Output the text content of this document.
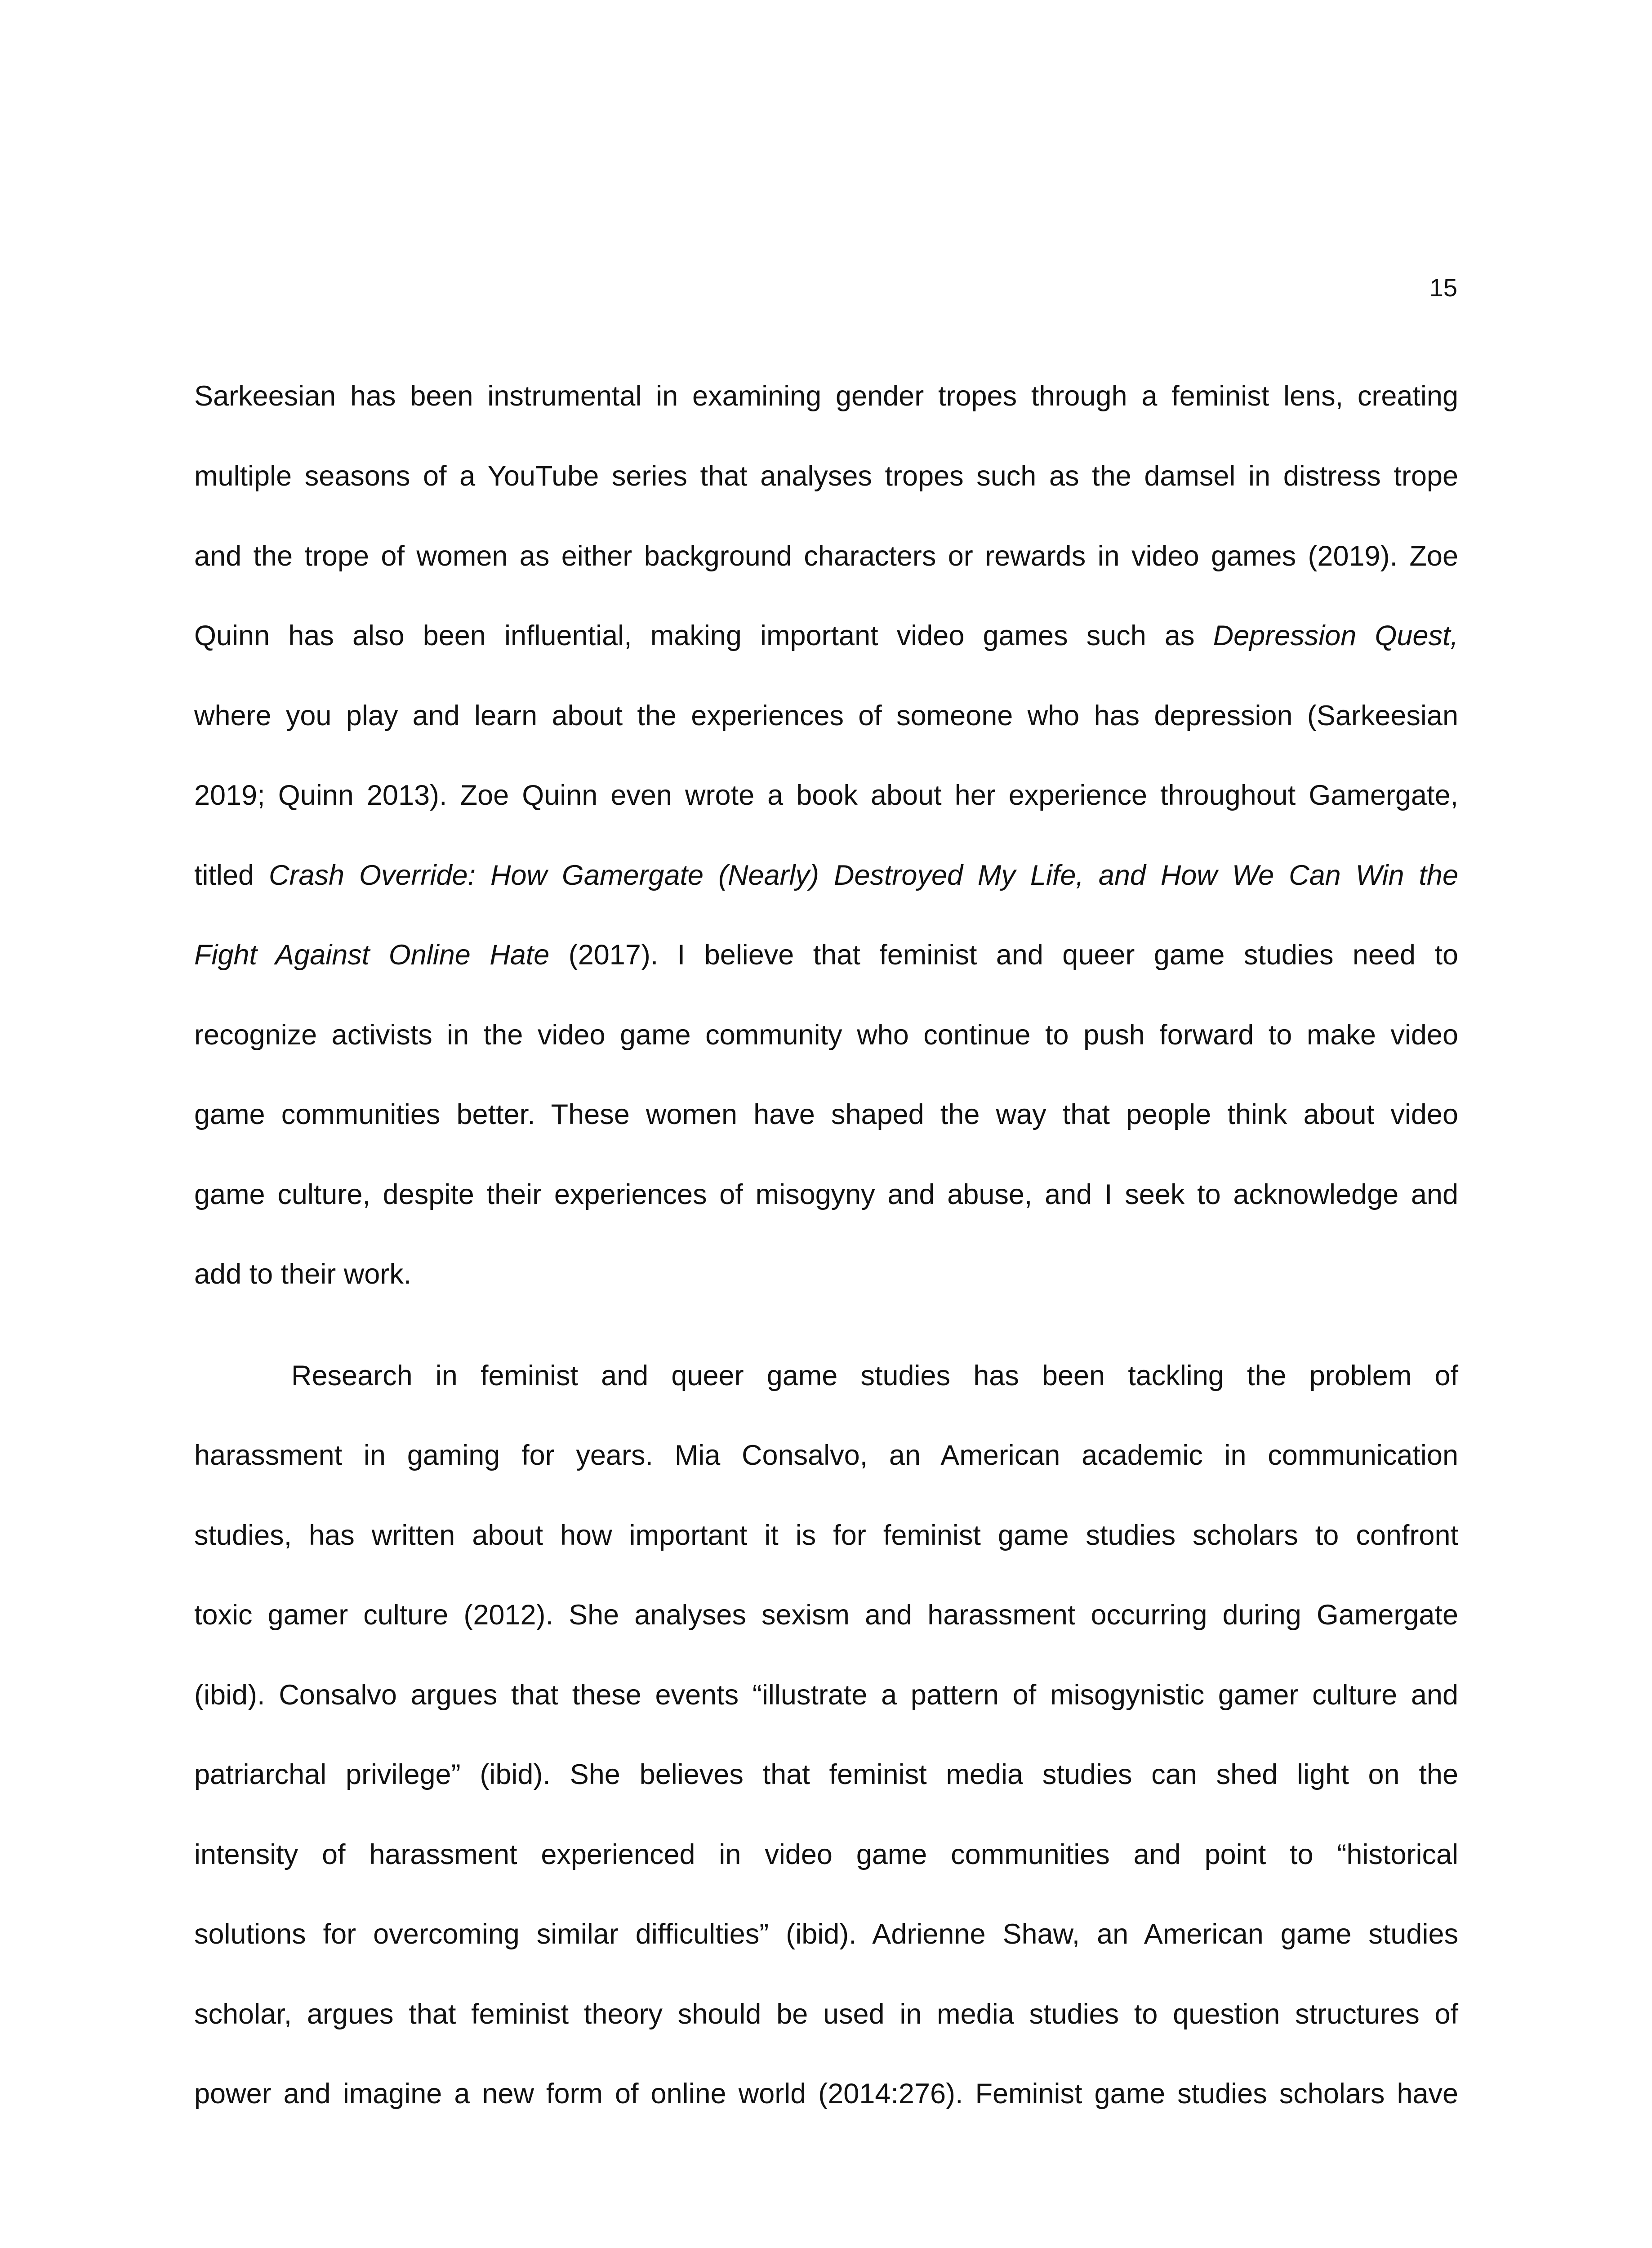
15
Sarkeesian has been instrumental in examining gender tropes through a feminist lens, creating
multiple seasons of a YouTube series that analyses tropes such as the damsel in distress trope
and the trope of women as either background characters or rewards in video games (2019). Zoe
Quinn has also been influential, making important video games such as Depression Quest,
where you play and learn about the experiences of someone who has depression (Sarkeesian
2019; Quinn 2013). Zoe Quinn even wrote a book about her experience throughout Gamergate,
titled Crash Override: How Gamergate (Nearly) Destroyed My Life, and How We Can Win the
Fight Against Online Hate (2017). I believe that feminist and queer game studies need to
recognize activists in the video game community who continue to push forward to make video
game communities better. These women have shaped the way that people think about video
game culture, despite their experiences of misogyny and abuse, and I seek to acknowledge and
add to their work.
Research in feminist and queer game studies has been tackling the problem of
harassment in gaming for years. Mia Consalvo, an American academic in communication
studies, has written about how important it is for feminist game studies scholars to confront
toxic gamer culture (2012). She analyses sexism and harassment occurring during Gamergate
(ibid). Consalvo argues that these events “illustrate a pattern of misogynistic gamer culture and
patriarchal privilege” (ibid). She believes that feminist media studies can shed light on the
intensity of harassment experienced in video game communities and point to “historical
solutions for overcoming similar difficulties” (ibid). Adrienne Shaw, an American game studies
scholar, argues that feminist theory should be used in media studies to question structures of
power and imagine a new form of online world (2014:276). Feminist game studies scholars have
